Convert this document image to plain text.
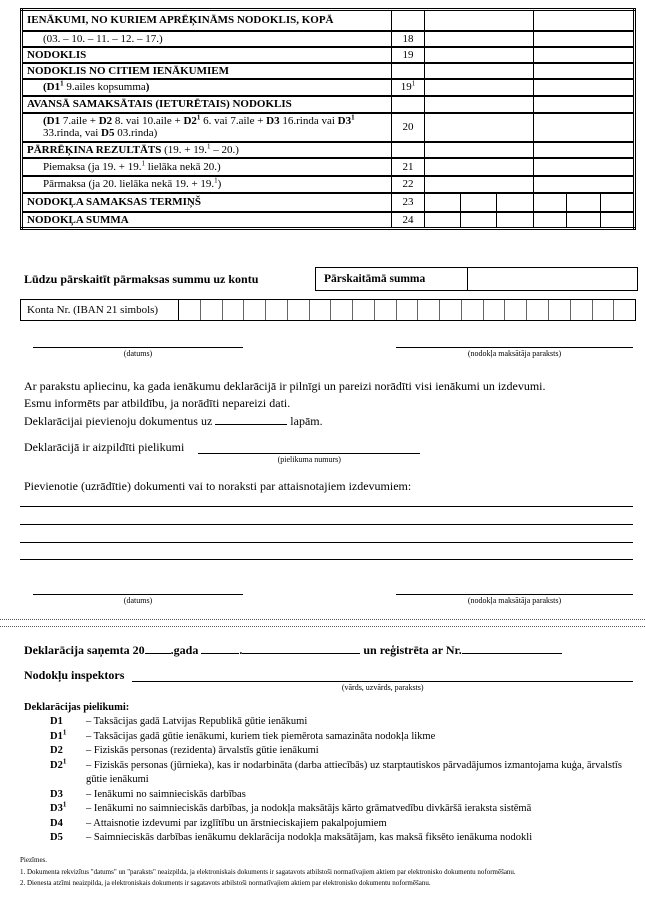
IENĀKUMI, NO KURIEM APRĒĶINĀMS NODOKLIS, KOPĀ							
(03. – 10. – 11. – 12. – 17.)	18						
NODOKLIS	19						
NODOKLIS NO CITIEM IENĀKUMIEM							
($D1^1$ 9.ailes kopsumma)	$19^1$		
AVANSĀ SAMAKSĀTAIS (IETURĒTAIS) NODOKLIS							
(D1 7.aile + D2 8. vai 10.aile + $D2^1$ 6. vai 7.aile + D3 16.rinda vai $D3^1$ 33.rinda, vai D5 03.rinda)	20						
PĀRRĒĶINA REZULTĀTS (19. + 19.$^1$ – 20.)							
Piemaksa (ja 19. + 19.$^1$ lielāka nekā 20.)	21						
Pārmaksa (ja 20. lielāka nekā 19. + 19.$^1$)	22						
NODOKĻA SAMAKSAS TERMIŅŠ	23						
NODOKĻA SUMMA	24						
Lūdzu pārskaitīt pārmaksas summu uz kontu	Pārskaitāmā summa
Konta Nr. (IBAN 21 simbols)
(datums)	(nodokļa maksātāja paraksts)
Ar parakstu apliecinu, ka gada ienākumu deklarācijā ir pilnīgi un pareizi norādīti visi ienākumi un izdevumi.
Esmu informēts par atbildību, ja norādīti nepareizi dati.
Deklarācijai pievienoju dokumentus uz	lapām.
Deklarācijā ir aizpildīti pielikumi
(pielikuma numurs)
Pievienotie (uzrādītie) dokumenti vai to noraksti par attaisnotajiem izdevumiem:
(datums)	(nodokļa maksātāja paraksts)
Deklarācija saņemta 20 .gada	.	un reģistrēta ar Nr.
Nodokļu inspektors
(vārds, uzvārds, paraksts)
Deklarācijas pielikumi:
D1	– Taksācijas gadā Latvijas Republikā gūtie ienākumi
$D1^1$	– Taksācijas gadā gūtie ienākumi, kuriem tiek piemērota samazināta nodokļa likme
D2	– Fiziskās personas (rezidenta) ārvalstīs gūtie ienākumi
$D2^1$	– Fiziskās personas (jūrnieka), kas ir nodarbināta (darba attiecībās) uz starptautiskos pārvadājumos izmantojama kuģa, ārvalstīs gūtie ienākumi
D3	– Ienākumi no saimnieciskās darbības
$D3^1$	– Ienākumi no saimnieciskās darbības, ja nodokļa maksātājs kārto grāmatvedību divkāršā ieraksta sistēmā
D4	– Attaisnotie izdevumi par izglītību un ārstnieciskajiem pakalpojumiem
D5	– Saimnieciskās darbības ienākumu deklarācija nodokļa maksātājam, kas maksā fiksēto ienākuma nodokli
Piezīmes.
1. Dokumenta rekvizītus "datums" un "paraksts" neaizpilda, ja elektroniskais dokuments ir sagatavots atbilstoši normatīvajiem aktiem par elektronisko dokumentu noformēšanu.
2. Dienesta atzīmi neaizpilda, ja elektroniskais dokuments ir sagatavots atbilstoši normatīvajiem aktiem par elektronisko dokumentu noformēšanu.
